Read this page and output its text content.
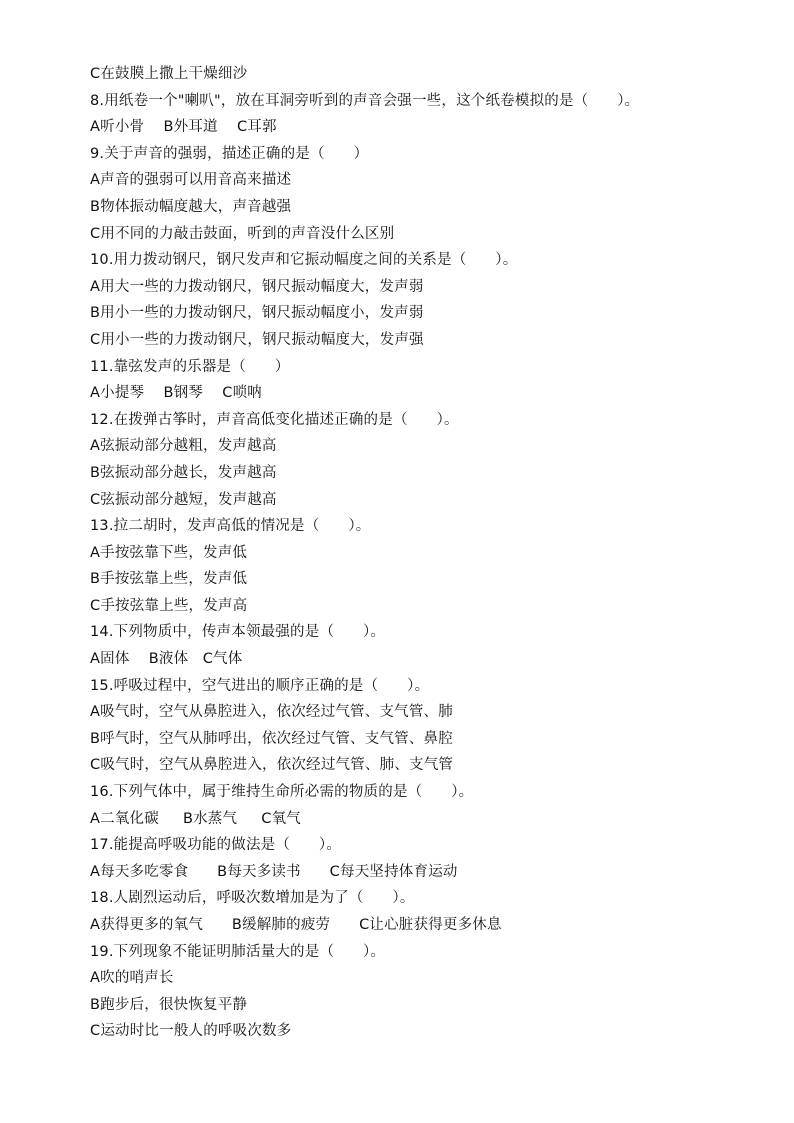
C在鼓膜上撒上干燥细沙
8.用纸卷一个"喇叭"，放在耳洞旁听到的声音会强一些，这个纸卷模拟的是（      ）。
A听小骨    B外耳道    C耳郭
9.关于声音的强弱，描述正确的是（      ）
A声音的强弱可以用音高来描述
B物体振动幅度越大，声音越强
C用不同的力敲击鼓面，听到的声音没什么区别
10.用力拨动钢尺，钢尺发声和它振动幅度之间的关系是（      ）。
A用大一些的力拨动钢尺，钢尺振动幅度大，发声弱
B用小一些的力拨动钢尺，钢尺振动幅度小，发声弱
C用小一些的力拨动钢尺，钢尺振动幅度大，发声强
11.靠弦发声的乐器是（      ）
A小提琴    B钢琴    C唢呐
12.在拨弹古筝时，声音高低变化描述正确的是（      ）。
A弦振动部分越粗，发声越高
B弦振动部分越长，发声越高
C弦振动部分越短，发声越高
13.拉二胡时，发声高低的情况是（      ）。
A手按弦靠下些，发声低
B手按弦靠上些，发声低
C手按弦靠上些，发声高
14.下列物质中，传声本领最强的是（      ）。
A固体    B液体   C气体
15.呼吸过程中，空气进出的顺序正确的是（      ）。
A吸气时，空气从鼻腔进入，依次经过气管、支气管、肺
B呼气时，空气从肺呼出，依次经过气管、支气管、鼻腔
C吸气时，空气从鼻腔进入，依次经过气管、肺、支气管
16.下列气体中，属于维持生命所必需的物质的是（      ）。
A二氧化碳     B水蒸气     C氧气
17.能提高呼吸功能的做法是（      ）。
A每天多吃零食      B每天多读书      C每天坚持体育运动
18.人剧烈运动后，呼吸次数增加是为了（      ）。
A获得更多的氧气      B缓解肺的疲劳      C让心脏获得更多休息
19.下列现象不能证明肺活量大的是（      ）。
A吹的哨声长
B跑步后，很快恢复平静
C运动时比一般人的呼吸次数多
